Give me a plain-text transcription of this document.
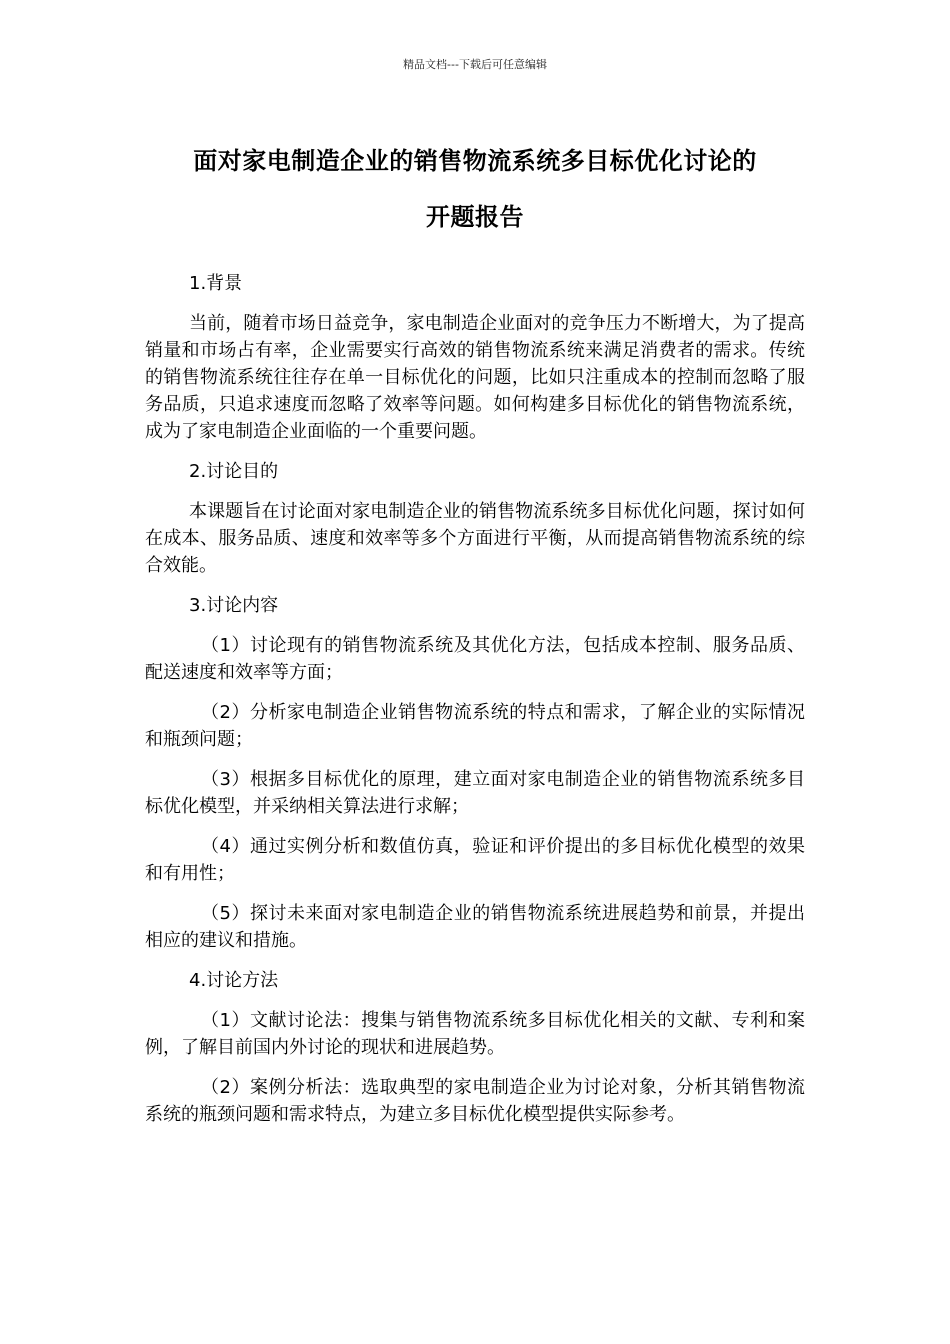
精品文档---下载后可任意编辑
面对家电制造企业的销售物流系统多目标优化讨论的
开题报告
1.背景
当前，随着市场日益竞争，家电制造企业面对的竞争压力不断增大，为了提高销量和市场占有率，企业需要实行高效的销售物流系统来满足消费者的需求。传统的销售物流系统往往存在单一目标优化的问题，比如只注重成本的控制而忽略了服务品质，只追求速度而忽略了效率等问题。如何构建多目标优化的销售物流系统，成为了家电制造企业面临的一个重要问题。
2.讨论目的
本课题旨在讨论面对家电制造企业的销售物流系统多目标优化问题，探讨如何在成本、服务品质、速度和效率等多个方面进行平衡，从而提高销售物流系统的综合效能。
3.讨论内容
（1）讨论现有的销售物流系统及其优化方法，包括成本控制、服务品质、配送速度和效率等方面；
（2）分析家电制造企业销售物流系统的特点和需求，了解企业的实际情况和瓶颈问题；
（3）根据多目标优化的原理，建立面对家电制造企业的销售物流系统多目标优化模型，并采纳相关算法进行求解；
（4）通过实例分析和数值仿真，验证和评价提出的多目标优化模型的效果和有用性；
（5）探讨未来面对家电制造企业的销售物流系统进展趋势和前景，并提出相应的建议和措施。
4.讨论方法
（1）文献讨论法：搜集与销售物流系统多目标优化相关的文献、专利和案例，了解目前国内外讨论的现状和进展趋势。
（2）案例分析法：选取典型的家电制造企业为讨论对象，分析其销售物流系统的瓶颈问题和需求特点，为建立多目标优化模型提供实际参考。
